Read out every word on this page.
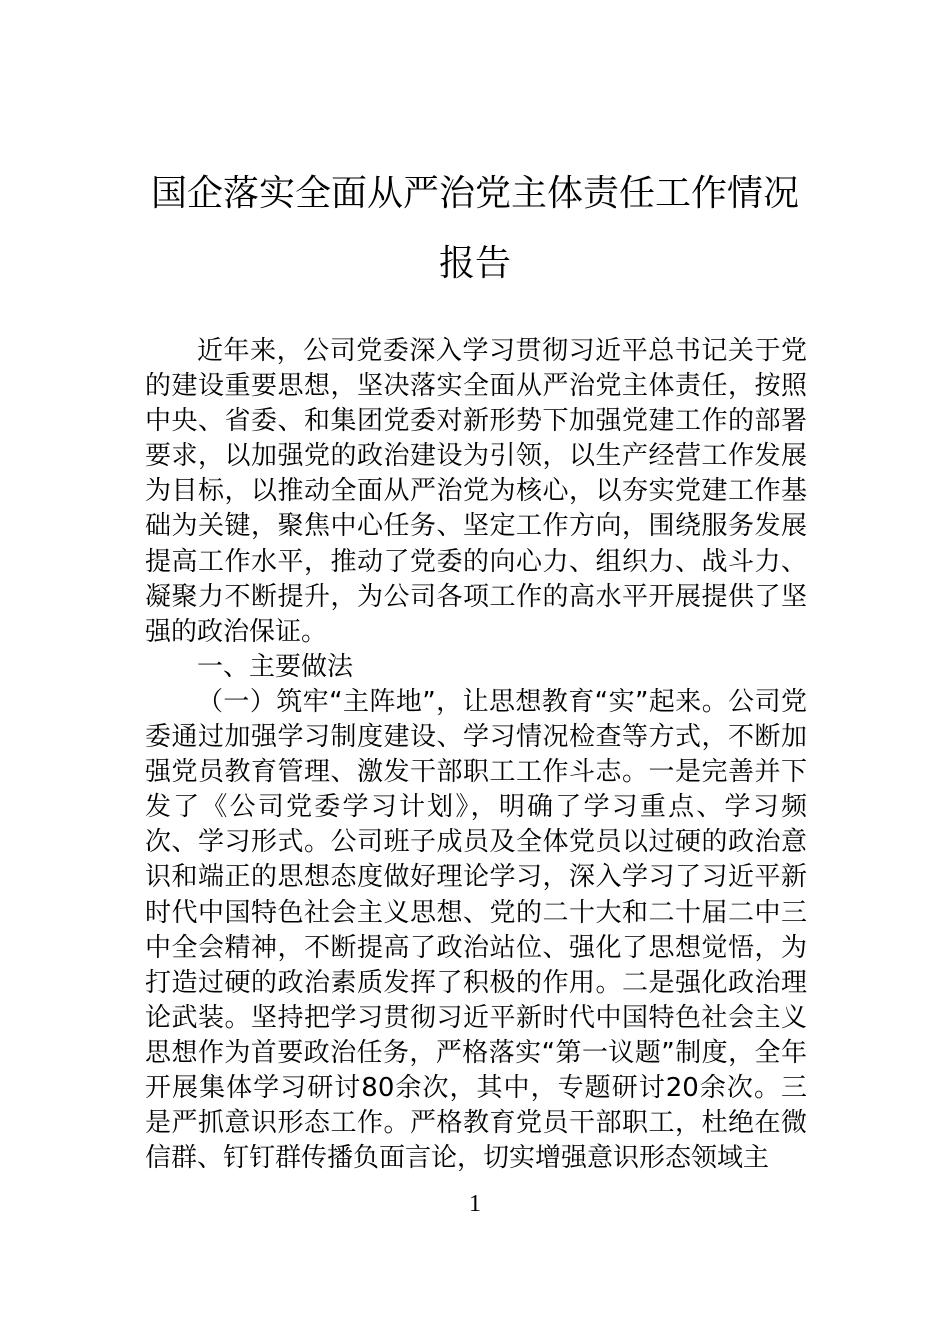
国企落实全面从严治党主体责任工作情况
报告

近年来，公司党委深入学习贯彻习近平总书记关于党的建设重要思想，坚决落实全面从严治党主体责任，按照中央、省委、和集团党委对新形势下加强党建工作的部署要求，以加强党的政治建设为引领，以生产经营工作发展为目标，以推动全面从严治党为核心，以夯实党建工作基础为关键，聚焦中心任务、坚定工作方向，围绕服务发展提高工作水平，推动了党委的向心力、组织力、战斗力、凝聚力不断提升，为公司各项工作的高水平开展提供了坚强的政治保证。

一、主要做法

（一）筑牢“主阵地”，让思想教育“实”起来。公司党委通过加强学习制度建设、学习情况检查等方式，不断加强党员教育管理、激发干部职工工作斗志。一是完善并下发了《公司党委学习计划》，明确了学习重点、学习频次、学习形式。公司班子成员及全体党员以过硬的政治意识和端正的思想态度做好理论学习，深入学习了习近平新时代中国特色社会主义思想、党的二十大和二十届二中三中全会精神，不断提高了政治站位、强化了思想觉悟，为打造过硬的政治素质发挥了积极的作用。二是强化政治理论武装。坚持把学习贯彻习近平新时代中国特色社会主义思想作为首要政治任务，严格落实“第一议题”制度，全年开展集体学习研讨80余次，其中，专题研讨20余次。三是严抓意识形态工作。严格教育党员干部职工，杜绝在微信群、钉钉群传播负面言论，切实增强意识形态领域主

1
